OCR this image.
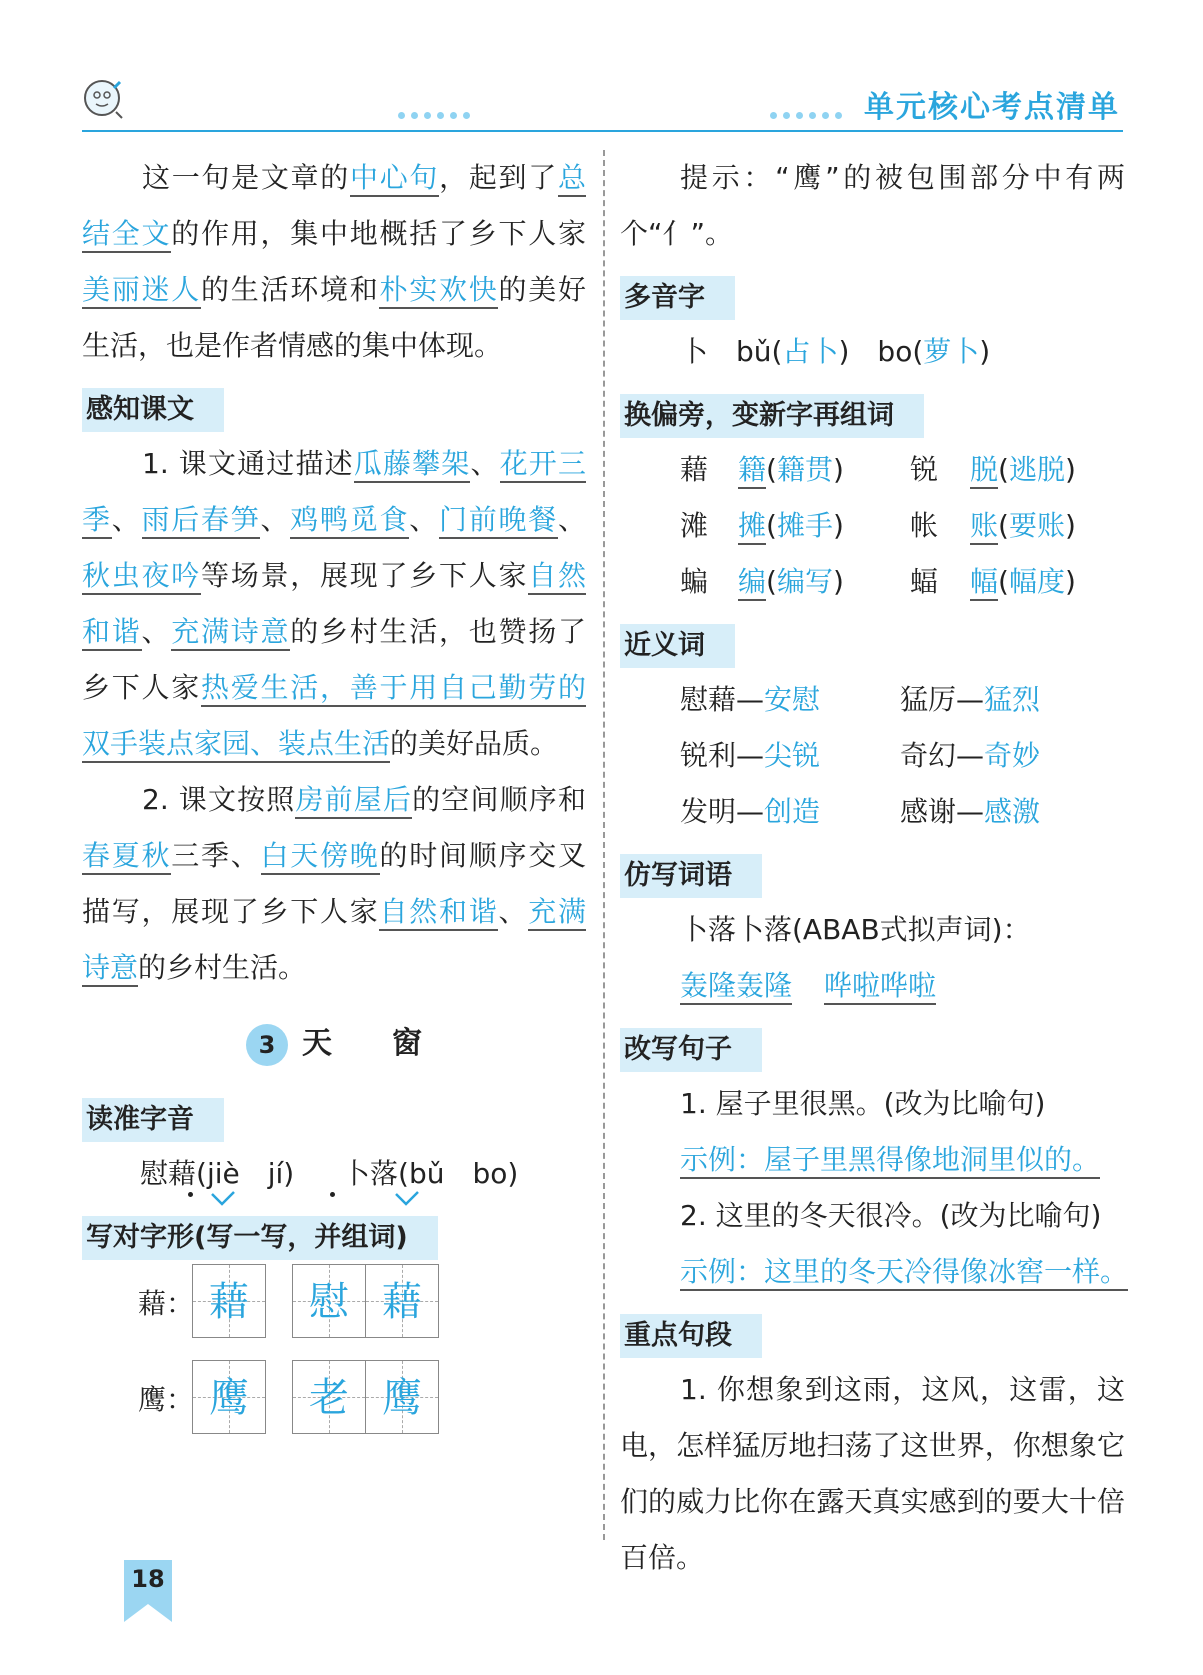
单元核心考点清单

这一句是文章的中心句，起到了总结全文的作用，集中地概括了乡下人家美丽迷人的生活环境和朴实欢快的美好生活，也是作者情感的集中体现。

感知课文

1. 课文通过描述瓜藤攀架、花开三季、雨后春笋、鸡鸭觅食、门前晚餐、秋虫夜吟等场景，展现了乡下人家自然和谐、充满诗意的乡村生活，也赞扬了乡下人家热爱生活，善于用自己勤劳的双手装点家园、装点生活的美好品质。

2. 课文按照房前屋后的空间顺序和春夏秋三季、白天傍晚的时间顺序交叉描写，展现了乡下人家自然和谐、充满诗意的乡村生活。

3 天　　窗
读准字音
慰藉(jiè　jí) 卜落(bǔ　bo)
写对字形(写一写，并组词)
藉： 藉	慰 藉
鹰： 鹰	老 鹰

提示：“鹰”的被包围部分中有两个“亻”。

多音字
卜 bǔ(占卜) bo(萝卜)
换偏旁，变新字再组词
藉 籍(籍贯) 锐 脱(逃脱)
滩 摊(摊手) 帐 账(要账)
蝙 编(编写) 蝠 幅(幅度)
近义词
慰藉—安慰	猛厉—猛烈
锐利—尖锐	奇幻—奇妙
发明—创造	感谢—感激
仿写词语
卜落卜落(ABAB式拟声词)：
轰隆轰隆 哗啦哗啦
改写句子
1. 屋子里很黑。(改为比喻句)
示例：屋子里黑得像地洞里似的。
2. 这里的冬天很冷。(改为比喻句)
示例：这里的冬天冷得像冰窖一样。
重点句段

1. 你想象到这雨，这风，这雷，这电，怎样猛厉地扫荡了这世界，你想象它们的威力比你在露天真实感到的要大十倍百倍。

18
